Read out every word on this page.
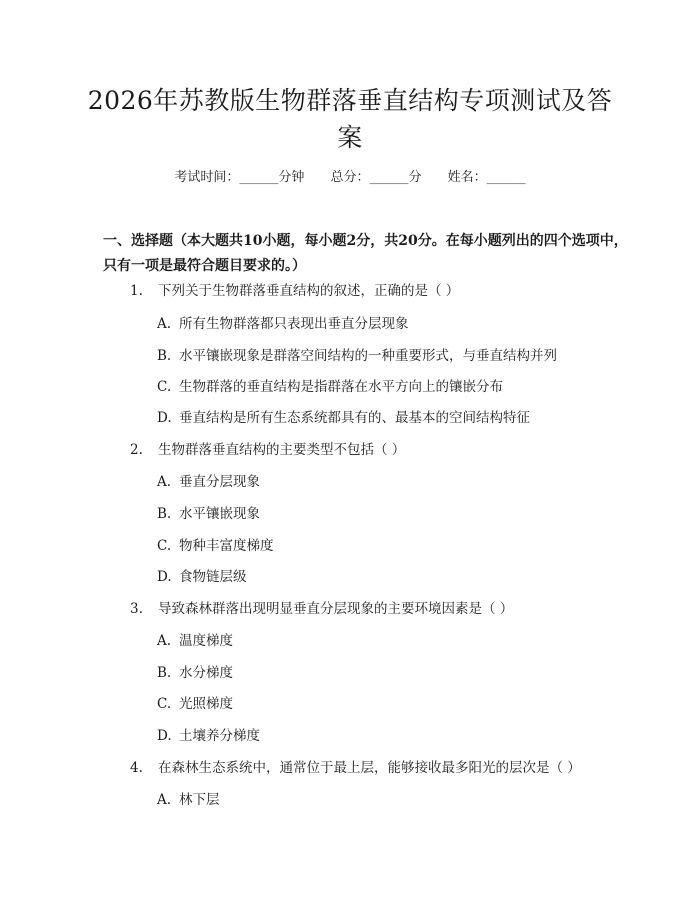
2026年苏教版生物群落垂直结构专项测试及答案
考试时间：______分钟 总分：______分 姓名：______
一、选择题（本大题共10小题，每小题2分，共20分。在每小题列出的四个选项中，只有一项是最符合题目要求的。）
1. 下列关于生物群落垂直结构的叙述，正确的是（ ）
A. 所有生物群落都只表现出垂直分层现象
B. 水平镶嵌现象是群落空间结构的一种重要形式，与垂直结构并列
C. 生物群落的垂直结构是指群落在水平方向上的镶嵌分布
D. 垂直结构是所有生态系统都具有的、最基本的空间结构特征
2. 生物群落垂直结构的主要类型不包括（ ）
A. 垂直分层现象
B. 水平镶嵌现象
C. 物种丰富度梯度
D. 食物链层级
3. 导致森林群落出现明显垂直分层现象的主要环境因素是（ ）
A. 温度梯度
B. 水分梯度
C. 光照梯度
D. 土壤养分梯度
4. 在森林生态系统中，通常位于最上层，能够接收最多阳光的层次是（ ）
A. 林下层
